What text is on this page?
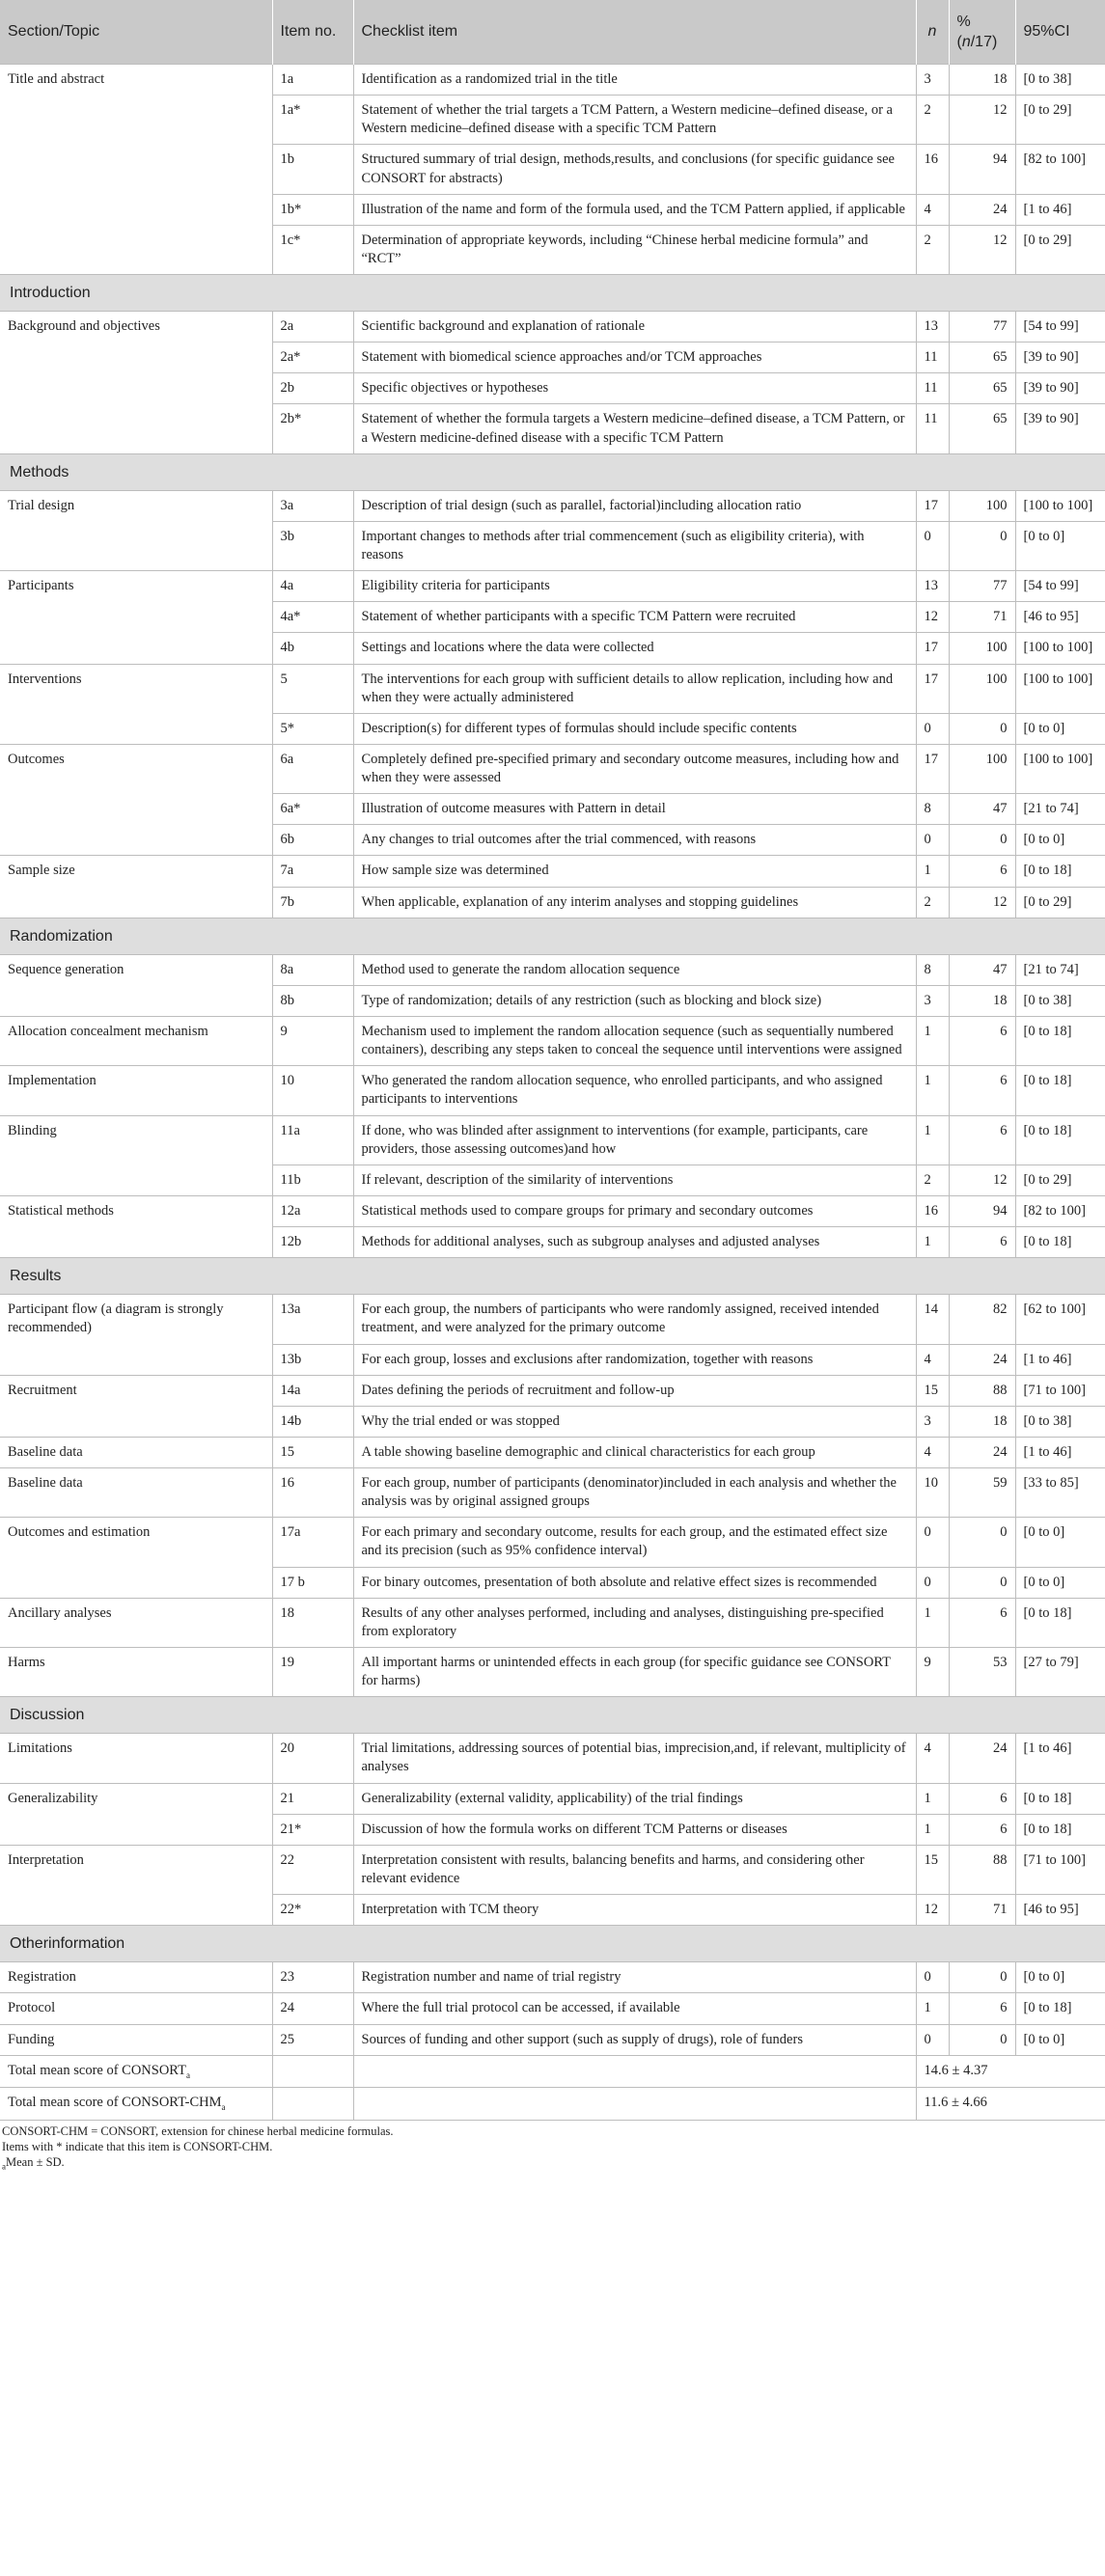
Section/Topic	Item no.	Checklist item	n	% (n/17)	95%CI
Title and abstract	1a	Identification as a randomized trial in the title	3	18	[0 to 38]
	1a*	Statement of whether the trial targets a TCM Pattern, a Western medicine–defined disease, or a Western medicine–defined disease with a specific TCM Pattern	2	12	[0 to 29]
	1b	Structured summary of trial design, methods,results, and conclusions (for specific guidance see CONSORT for abstracts)	16	94	[82 to 100]
	1b*	Illustration of the name and form of the formula used, and the TCM Pattern applied, if applicable	4	24	[1 to 46]
	1c*	Determination of appropriate keywords, including “Chinese herbal medicine formula” and “RCT”	2	12	[0 to 29]
Introduction					
Background and objectives	2a	Scientific background and explanation of rationale	13	77	[54 to 99]
	2a*	Statement with biomedical science approaches and/or TCM approaches	11	65	[39 to 90]
	2b	Specific objectives or hypotheses	11	65	[39 to 90]
	2b*	Statement of whether the formula targets a Western medicine–defined disease, a TCM Pattern, or a Western medicine-defined disease with a specific TCM Pattern	11	65	[39 to 90]
Methods					
Trial design	3a	Description of trial design (such as parallel, factorial)including allocation ratio	17	100	[100 to 100]
	3b	Important changes to methods after trial commencement (such as eligibility criteria), with reasons	0	0	[0 to 0]
Participants	4a	Eligibility criteria for participants	13	77	[54 to 99]
	4a*	Statement of whether participants with a specific TCM Pattern were recruited	12	71	[46 to 95]
	4b	Settings and locations where the data were collected	17	100	[100 to 100]
Interventions	5	The interventions for each group with sufficient details to allow replication, including how and when they were actually administered	17	100	[100 to 100]
	5*	Description(s) for different types of formulas should include specific contents	0	0	[0 to 0]
Outcomes	6a	Completely defined pre-specified primary and secondary outcome measures, including how and when they were assessed	17	100	[100 to 100]
	6a*	Illustration of outcome measures with Pattern in detail	8	47	[21 to 74]
	6b	Any changes to trial outcomes after the trial commenced, with reasons	0	0	[0 to 0]
Sample size	7a	How sample size was determined	1	6	[0 to 18]
	7b	When applicable, explanation of any interim analyses and stopping guidelines	2	12	[0 to 29]
Randomization					
Sequence generation	8a	Method used to generate the random allocation sequence	8	47	[21 to 74]
	8b	Type of randomization; details of any restriction (such as blocking and block size)	3	18	[0 to 38]
Allocation concealment mechanism	9	Mechanism used to implement the random allocation sequence (such as sequentially numbered containers), describing any steps taken to conceal the sequence until interventions were assigned	1	6	[0 to 18]
Implementation	10	Who generated the random allocation sequence, who enrolled participants, and who assigned participants to interventions	1	6	[0 to 18]
Blinding	11a	If done, who was blinded after assignment to interventions (for example, participants, care providers, those assessing outcomes)and how	1	6	[0 to 18]
	11b	If relevant, description of the similarity of interventions	2	12	[0 to 29]
Statistical methods	12a	Statistical methods used to compare groups for primary and secondary outcomes	16	94	[82 to 100]
	12b	Methods for additional analyses, such as subgroup analyses and adjusted analyses	1	6	[0 to 18]
Results					
Participant flow (a diagram is strongly recommended)	13a	For each group, the numbers of participants who were randomly assigned, received intended treatment, and were analyzed for the primary outcome	14	82	[62 to 100]
	13b	For each group, losses and exclusions after randomization, together with reasons	4	24	[1 to 46]
Recruitment	14a	Dates defining the periods of recruitment and follow-up	15	88	[71 to 100]
	14b	Why the trial ended or was stopped	3	18	[0 to 38]
Baseline data	15	A table showing baseline demographic and clinical characteristics for each group	4	24	[1 to 46]
Baseline data	16	For each group, number of participants (denominator)included in each analysis and whether the analysis was by original assigned groups	10	59	[33 to 85]
Outcomes and estimation	17a	For each primary and secondary outcome, results for each group, and the estimated effect size and its precision (such as 95% confidence interval)	0	0	[0 to 0]
	17 b	For binary outcomes, presentation of both absolute and relative effect sizes is recommended	0	0	[0 to 0]
Ancillary analyses	18	Results of any other analyses performed, including and analyses, distinguishing pre-specified from exploratory	1	6	[0 to 18]
Harms	19	All important harms or unintended effects in each group (for specific guidance see CONSORT for harms)	9	53	[27 to 79]
Discussion					
Limitations	20	Trial limitations, addressing sources of potential bias, imprecision,and, if relevant, multiplicity of analyses	4	24	[1 to 46]
Generalizability	21	Generalizability (external validity, applicability) of the trial findings	1	6	[0 to 18]
	21*	Discussion of how the formula works on different TCM Patterns or diseases	1	6	[0 to 18]
Interpretation	22	Interpretation consistent with results, balancing benefits and harms, and considering other relevant evidence	15	88	[71 to 100]
	22*	Interpretation with TCM theory	12	71	[46 to 95]
Otherinformation					
Registration	23	Registration number and name of trial registry	0	0	[0 to 0]
Protocol	24	Where the full trial protocol can be accessed, if available	1	6	[0 to 18]
Funding	25	Sources of funding and other support (such as supply of drugs), role of funders	0	0	[0 to 0]
Total mean score of $CONSORT_a$			14.6 ± 4.37		
Total mean score of CONSORT-$CHM_a$			11.6 ± 4.66		
CONSORT-CHM = CONSORT, extension for chinese herbal medicine formulas.
Items with * indicate that this item is CONSORT-CHM.
$_a$Mean ± SD.
